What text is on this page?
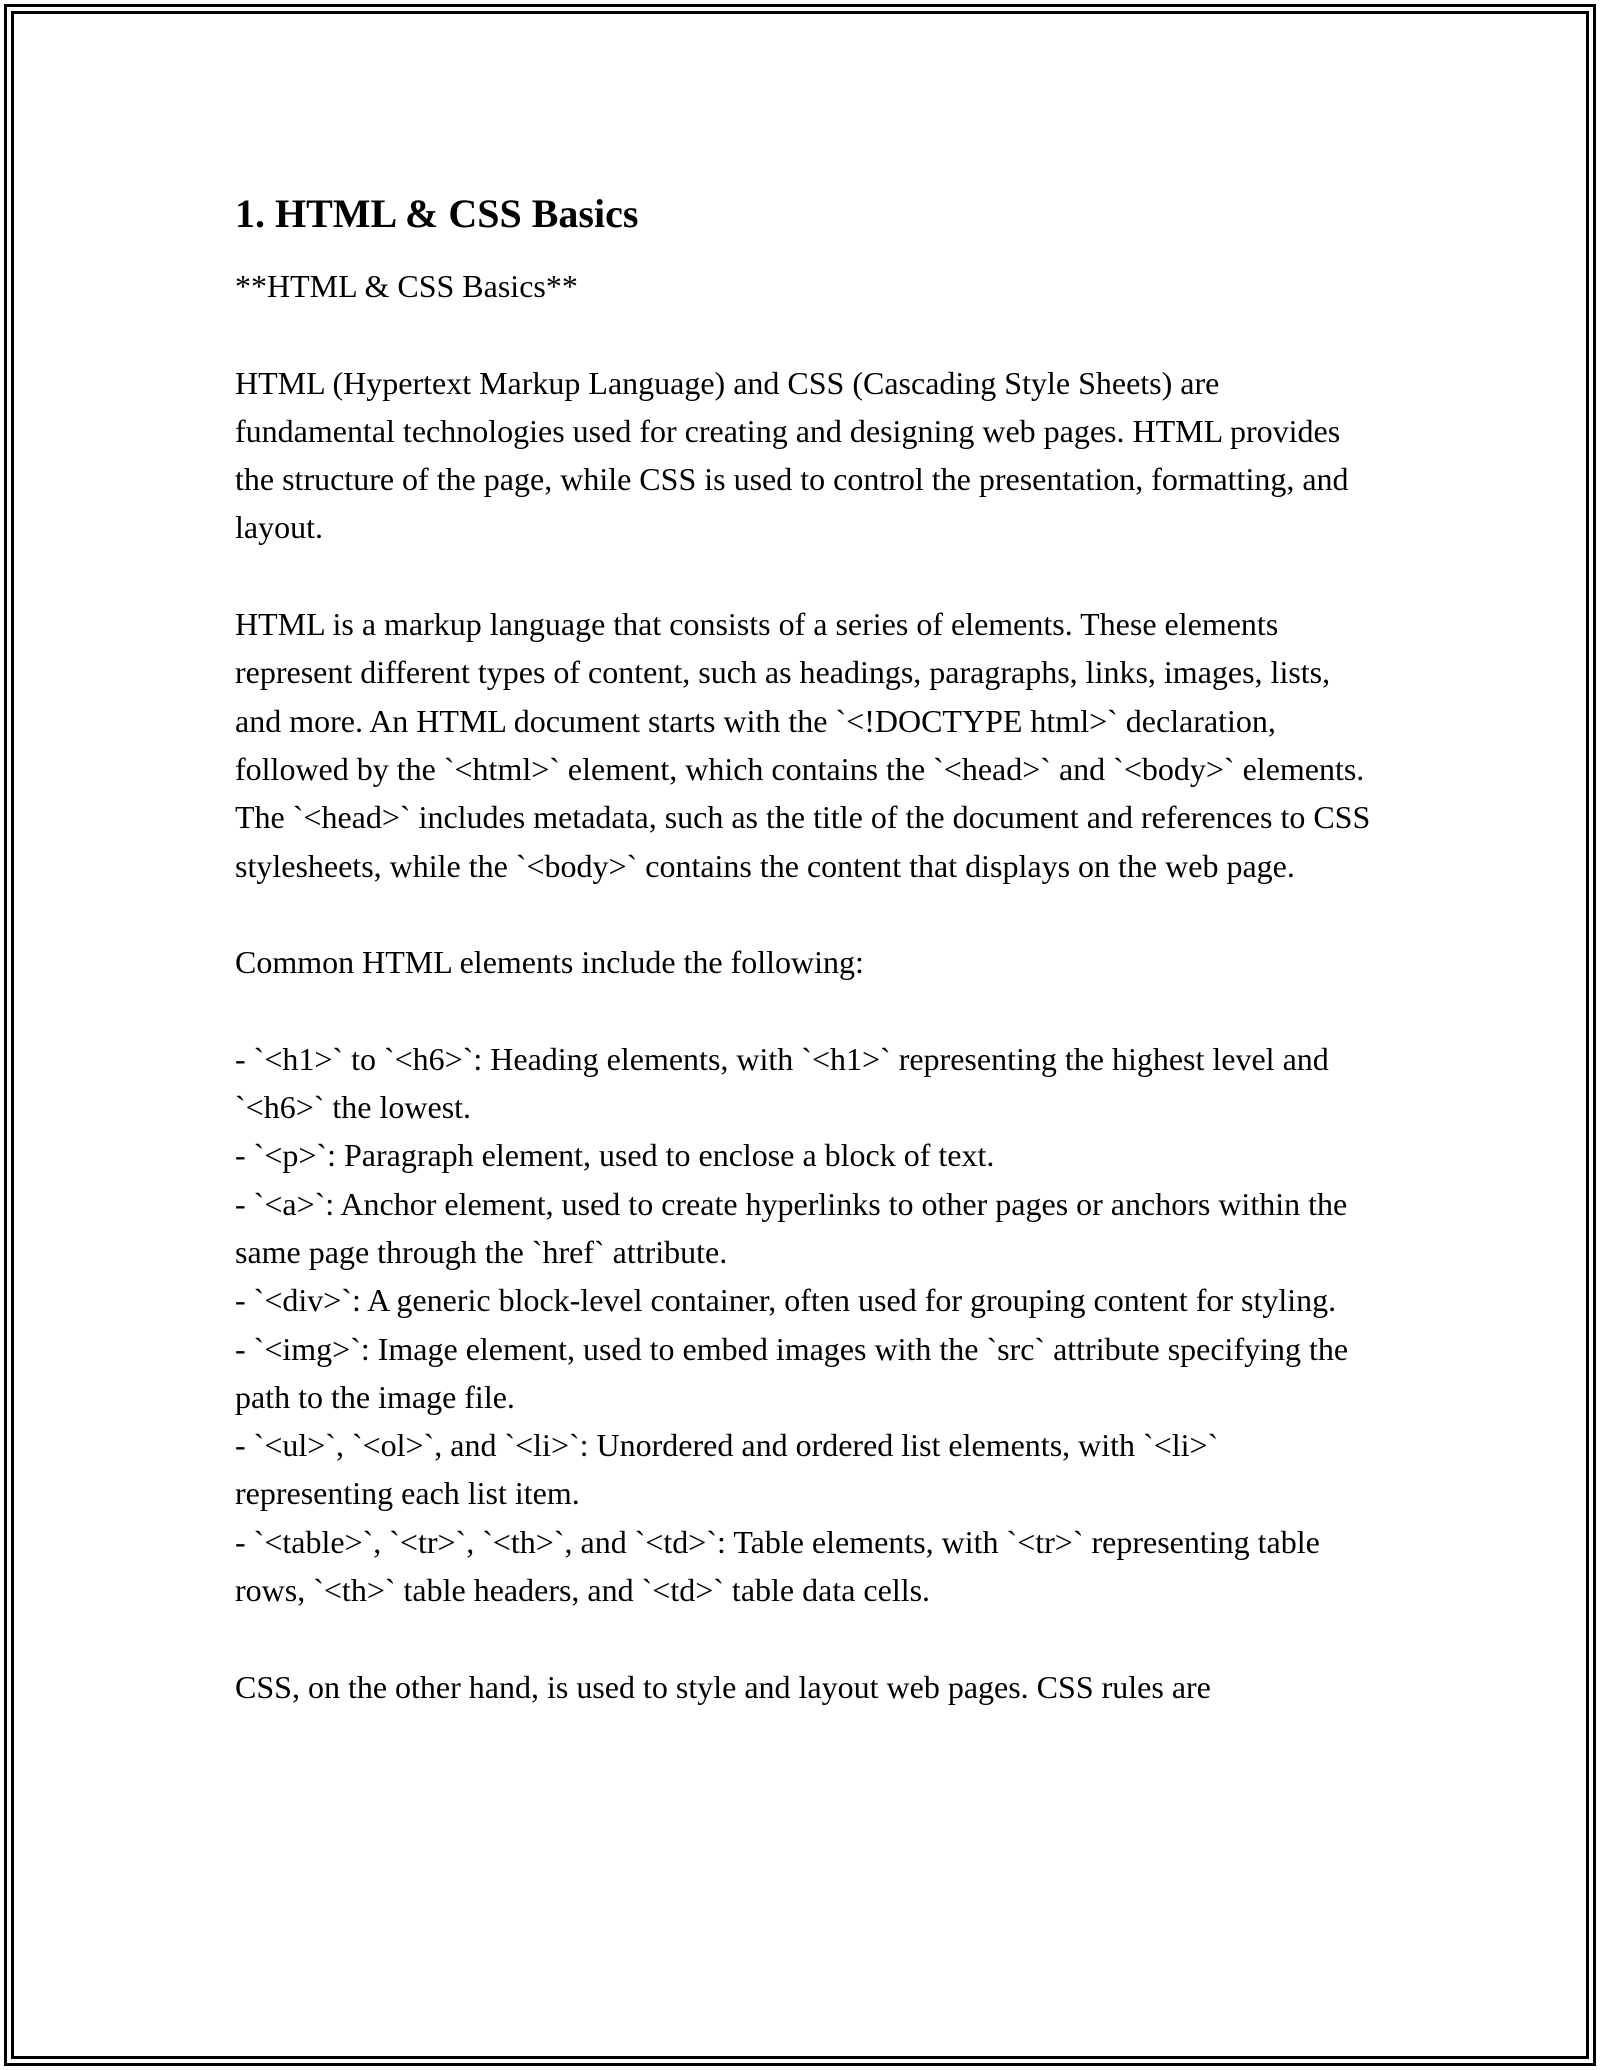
1. HTML & CSS Basics

**HTML & CSS Basics**

HTML (Hypertext Markup Language) and CSS (Cascading Style Sheets) are fundamental technologies used for creating and designing web pages. HTML provides the structure of the page, while CSS is used to control the presentation, formatting, and layout.

HTML is a markup language that consists of a series of elements. These elements represent different types of content, such as headings, paragraphs, links, images, lists, and more. An HTML document starts with the `<!DOCTYPE html>` declaration, followed by the `<html>` element, which contains the `<head>` and `<body>` elements. The `<head>` includes metadata, such as the title of the document and references to CSS stylesheets, while the `<body>` contains the content that displays on the web page.

Common HTML elements include the following:

- `<h1>` to `<h6>`: Heading elements, with `<h1>` representing the highest level and `<h6>` the lowest.

- `<p>`: Paragraph element, used to enclose a block of text.

- `<a>`: Anchor element, used to create hyperlinks to other pages or anchors within the same page through the `href` attribute.

- `<div>`: A generic block-level container, often used for grouping content for styling.

- `<img>`: Image element, used to embed images with the `src` attribute specifying the path to the image file.

- `<ul>`, `<ol>`, and `<li>`: Unordered and ordered list elements, with `<li>` representing each list item.

- `<table>`, `<tr>`, `<th>`, and `<td>`: Table elements, with `<tr>` representing table rows, `<th>` table headers, and `<td>` table data cells.

CSS, on the other hand, is used to style and layout web pages. CSS rules are
